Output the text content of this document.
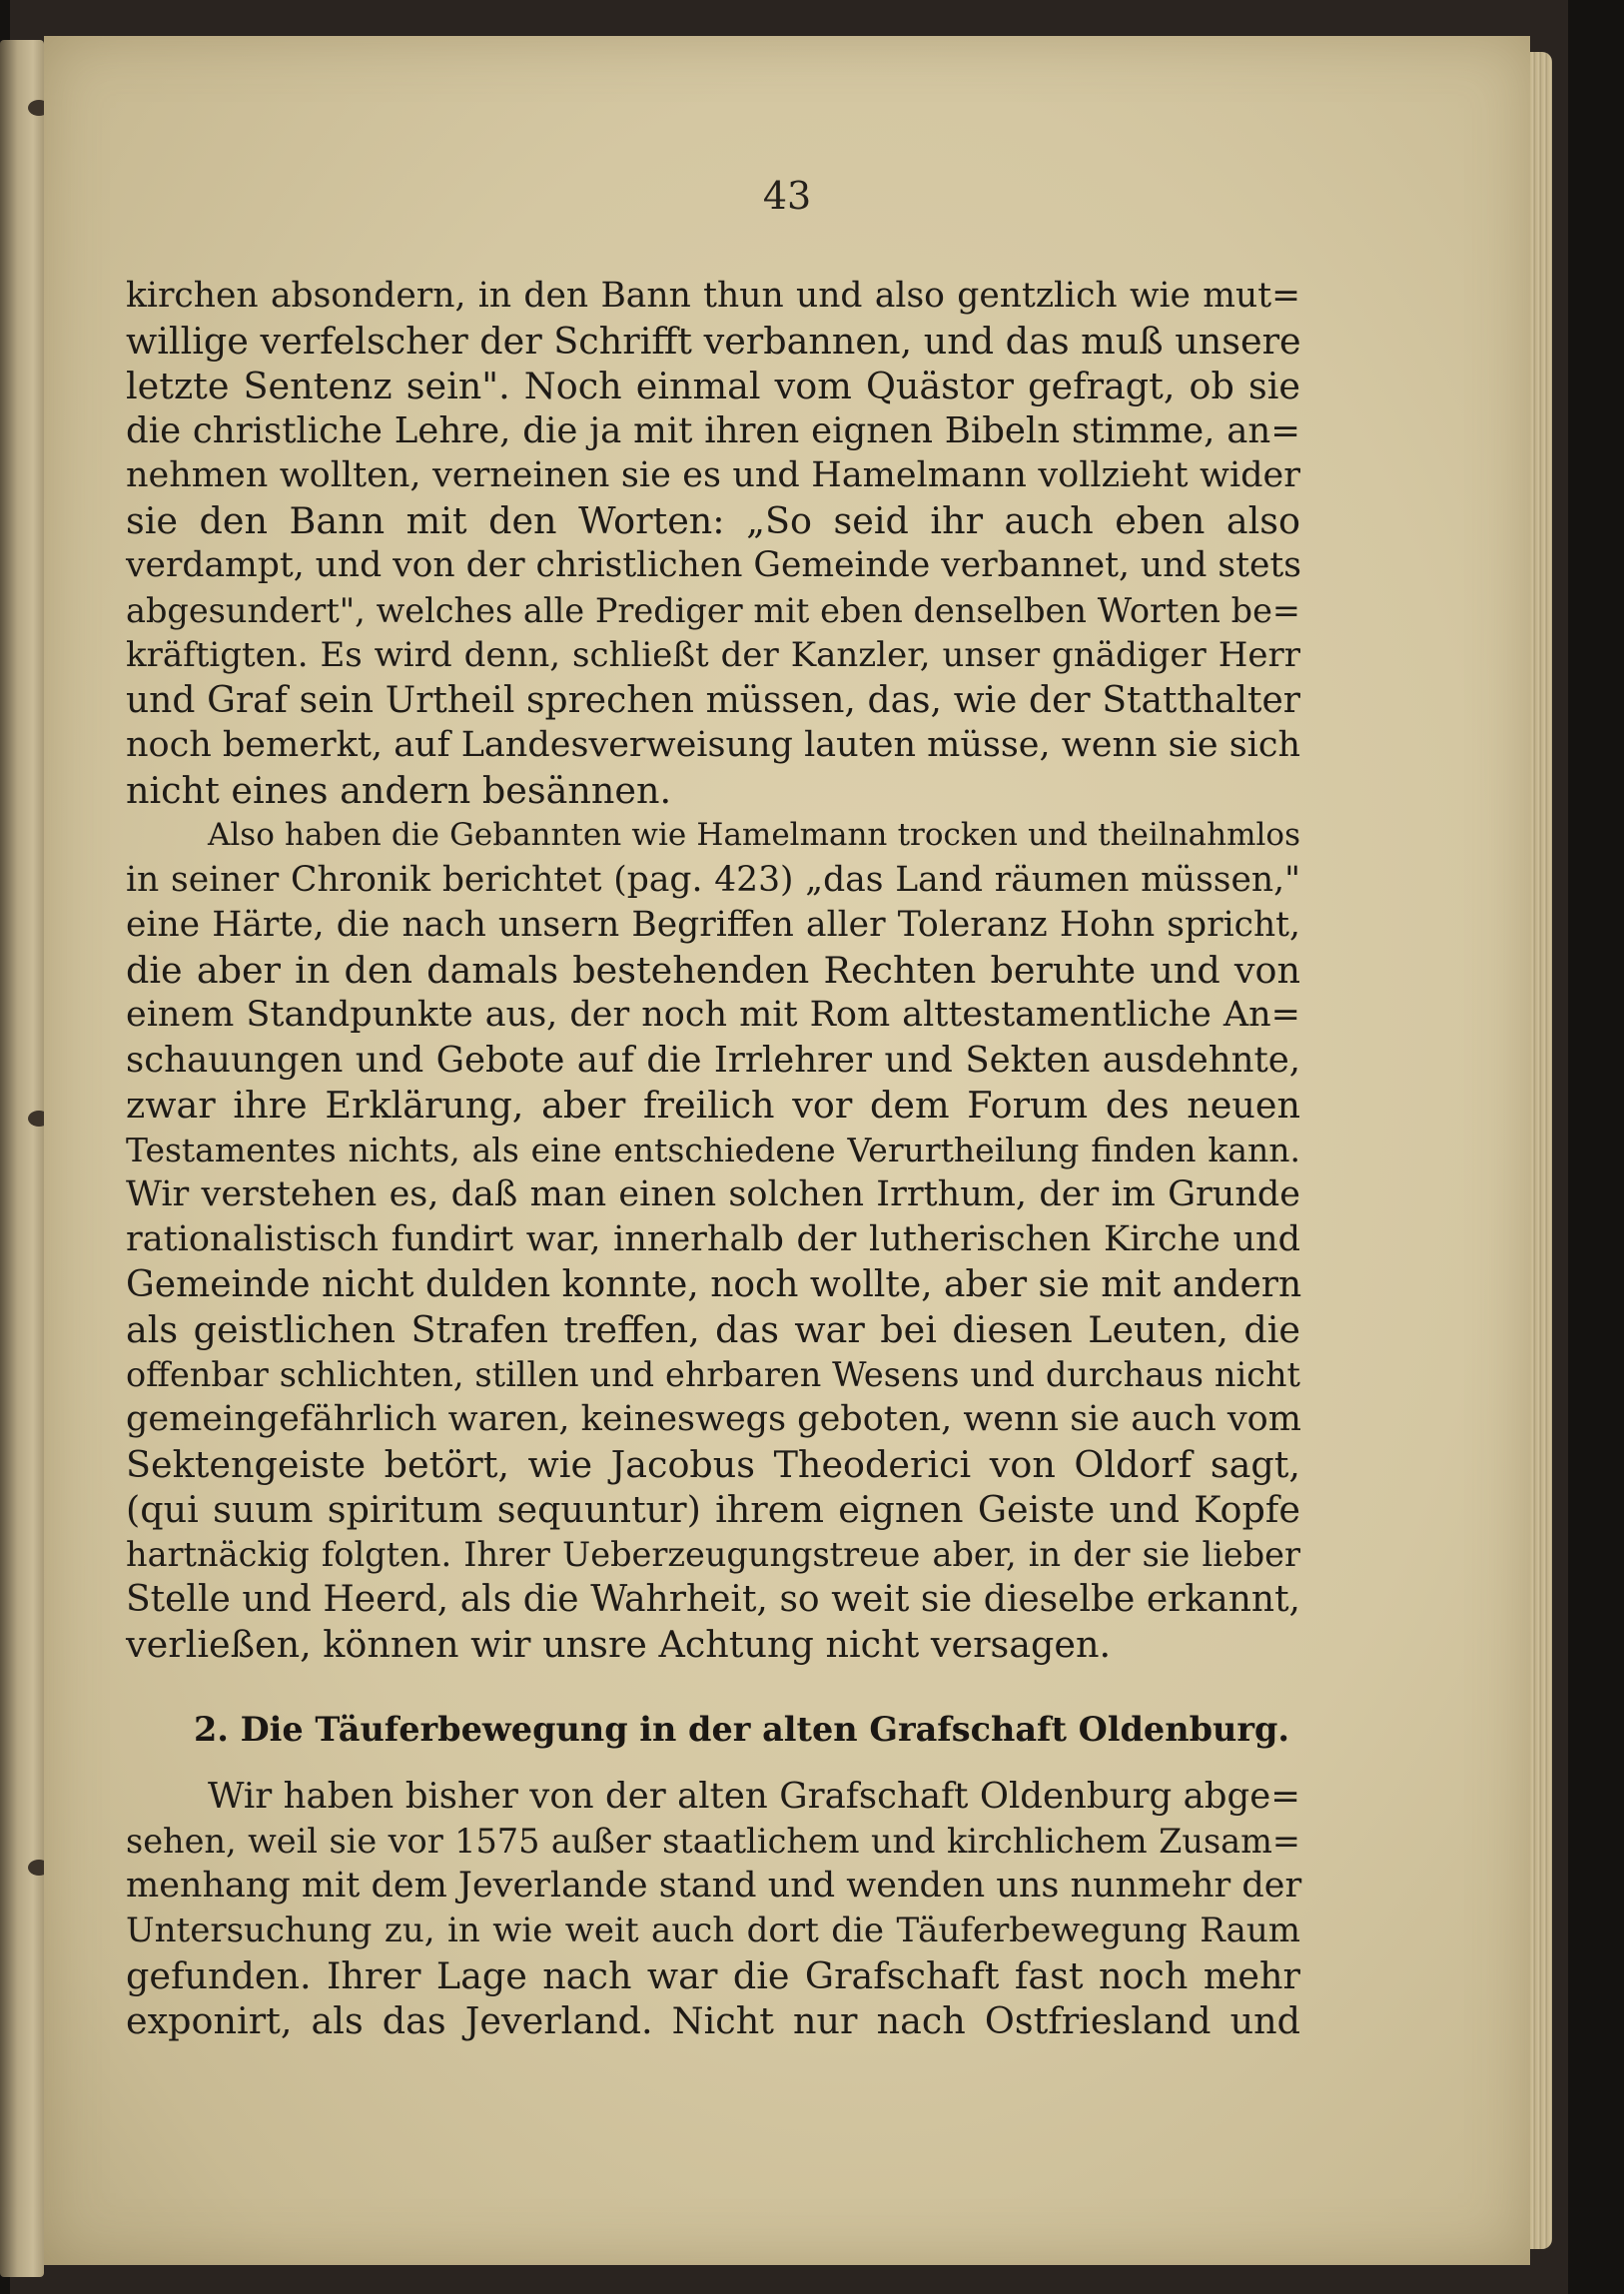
43
kirchen absondern, in den Bann thun und also gentzlich wie mut=
willige verfelscher der Schrifft verbannen, und das muß unsere
letzte Sentenz sein". Noch einmal vom Quästor gefragt, ob sie
die christliche Lehre, die ja mit ihren eignen Bibeln stimme, an=
nehmen wollten, verneinen sie es und Hamelmann vollzieht wider
sie den Bann mit den Worten: „So seid ihr auch eben also
verdampt, und von der christlichen Gemeinde verbannet, und stets
abgesundert", welches alle Prediger mit eben denselben Worten be=
kräftigten. Es wird denn, schließt der Kanzler, unser gnädiger Herr
und Graf sein Urtheil sprechen müssen, das, wie der Statthalter
noch bemerkt, auf Landesverweisung lauten müsse, wenn sie sich
nicht eines andern besännen.
Also haben die Gebannten wie Hamelmann trocken und theilnahmlos
in seiner Chronik berichtet (pag. 423) „das Land räumen müssen,"
eine Härte, die nach unsern Begriffen aller Toleranz Hohn spricht,
die aber in den damals bestehenden Rechten beruhte und von
einem Standpunkte aus, der noch mit Rom alttestamentliche An=
schauungen und Gebote auf die Irrlehrer und Sekten ausdehnte,
zwar ihre Erklärung, aber freilich vor dem Forum des neuen
Testamentes nichts, als eine entschiedene Verurtheilung finden kann.
Wir verstehen es, daß man einen solchen Irrthum, der im Grunde
rationalistisch fundirt war, innerhalb der lutherischen Kirche und
Gemeinde nicht dulden konnte, noch wollte, aber sie mit andern
als geistlichen Strafen treffen, das war bei diesen Leuten, die
offenbar schlichten, stillen und ehrbaren Wesens und durchaus nicht
gemeingefährlich waren, keineswegs geboten, wenn sie auch vom
Sektengeiste betört, wie Jacobus Theoderici von Oldorf sagt,
(qui suum spiritum sequuntur) ihrem eignen Geiste und Kopfe
hartnäckig folgten. Ihrer Ueberzeugungstreue aber, in der sie lieber
Stelle und Heerd, als die Wahrheit, so weit sie dieselbe erkannt,
verließen, können wir unsre Achtung nicht versagen.
2. Die Täuferbewegung in der alten Grafschaft Oldenburg.
Wir haben bisher von der alten Grafschaft Oldenburg abge=
sehen, weil sie vor 1575 außer staatlichem und kirchlichem Zusam=
menhang mit dem Jeverlande stand und wenden uns nunmehr der
Untersuchung zu, in wie weit auch dort die Täuferbewegung Raum
gefunden. Ihrer Lage nach war die Grafschaft fast noch mehr
exponirt, als das Jeverland. Nicht nur nach Ostfriesland und
